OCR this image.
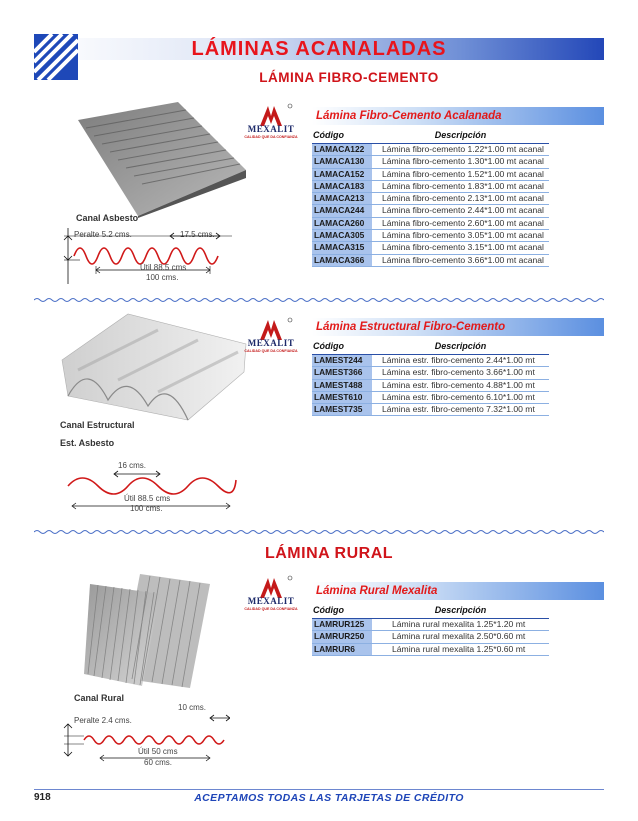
LÁMINAS ACANALADAS
LÁMINA FIBRO-CEMENTO
MEXALIT
CALIDAD QUE DA CONFIANZA
Lámina Fibro-Cemento Acalanada
Código	Descripción
LAMACA122	Lámina fibro-cemento 1.22*1.00 mt acanal
LAMACA130	Lámina fibro-cemento 1.30*1.00 mt acanal
LAMACA152	Lámina fibro-cemento 1.52*1.00 mt acanal
LAMACA183	Lámina fibro-cemento 1.83*1.00 mt acanal
LAMACA213	Lámina fibro-cemento 2.13*1.00 mt acanal
LAMACA244	Lámina fibro-cemento 2.44*1.00 mt acanal
LAMACA260	Lámina fibro-cemento 2.60*1.00 mt acanal
LAMACA305	Lámina fibro-cemento 3.05*1.00 mt acanal
LAMACA315	Lámina fibro-cemento 3.15*1.00 mt acanal
LAMACA366	Lámina fibro-cemento 3.66*1.00 mt acanal
Canal Asbesto
Peralte 5.2 cms.	17.5 cms.
Útil 88.5 cms
100 cms.
MEXALIT
CALIDAD QUE DA CONFIANZA
Lámina Estructural Fibro-Cemento
Código	Descripción
LAMEST244	Lámina estr. fibro-cemento 2.44*1.00 mt
LAMEST366	Lámina estr. fibro-cemento 3.66*1.00 mt
LAMEST488	Lámina estr. fibro-cemento 4.88*1.00 mt
LAMEST610	Lámina estr. fibro-cemento 6.10*1.00 mt
LAMEST735	Lámina estr. fibro-cemento 7.32*1.00 mt
Canal Estructural
Est. Asbesto
16 cms.
Útil 88.5 cms
100 cms.
LÁMINA RURAL
MEXALIT
CALIDAD QUE DA CONFIANZA
Lámina Rural Mexalita
Código	Descripción
LAMRUR125	Lámina rural mexalita 1.25*1.20 mt
LAMRUR250	Lámina rural mexalita 2.50*0.60 mt
LAMRUR6	Lámina rural mexalita 1.25*0.60 mt
Canal Rural
10 cms.
Peralte 2.4 cms.
Útil 50 cms
60 cms.
918	ACEPTAMOS TODAS LAS TARJETAS DE CRÉDITO
